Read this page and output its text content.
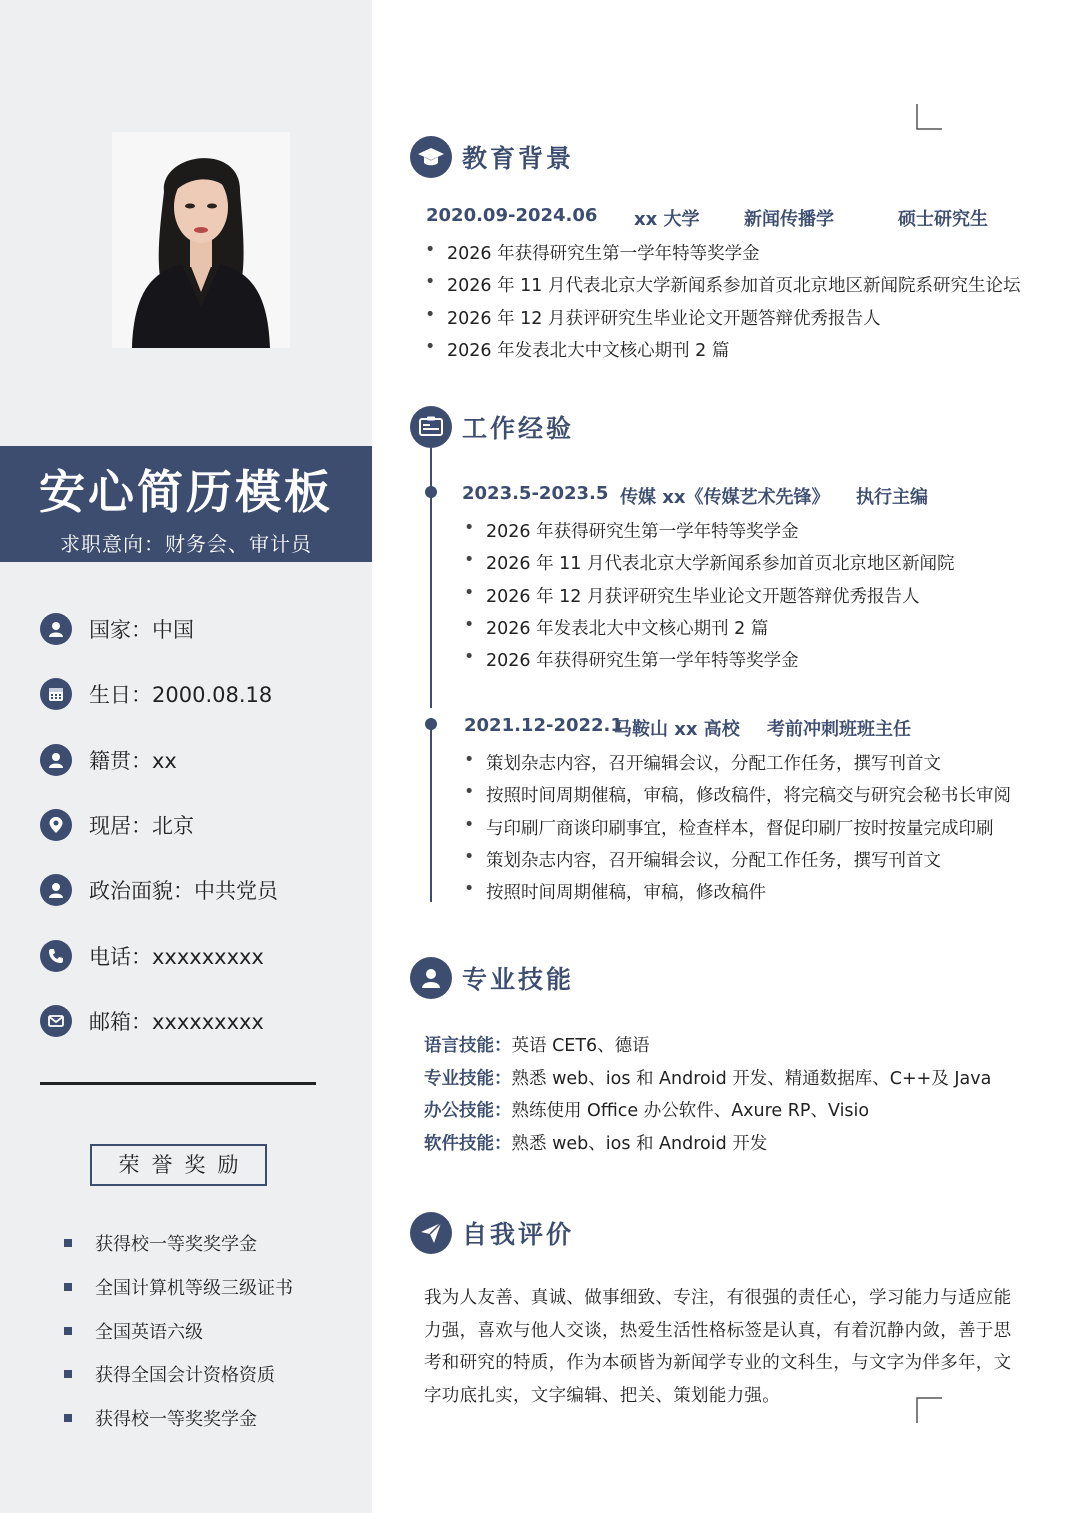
安心简历模板
求职意向：财务会、审计员
国家：中国
生日：2000.08.18
籍贯：xx
现居：北京
政治面貌：中共党员
电话：xxxxxxxxx
邮箱：xxxxxxxxx
荣誉奖励
获得校一等奖奖学金
全国计算机等级三级证书
全国英语六级
获得全国会计资格资质
获得校一等奖奖学金
教育背景
2020.09-2024.06 xx 大学 新闻传播学	硕士研究生
• 2026 年获得研究生第一学年特等奖学金
• 2026 年 11 月代表北京大学新闻系参加首页北京地区新闻院系研究生论坛
• 2026 年 12 月获评研究生毕业论文开题答辩优秀报告人
• 2026 年发表北大中文核心期刊 2 篇
工作经验
2023.5-2023.5 传媒 xx《传媒艺术先锋》 执行主编
• 2026 年获得研究生第一学年特等奖学金
• 2026 年 11 月代表北京大学新闻系参加首页北京地区新闻院
• 2026 年 12 月获评研究生毕业论文开题答辩优秀报告人
• 2026 年发表北大中文核心期刊 2 篇
• 2026 年获得研究生第一学年特等奖学金
2021.12-2022.1
马鞍山 xx 高校 考前冲刺班班主任
• 策划杂志内容，召开编辑会议，分配工作任务，撰写刊首文
• 按照时间周期催稿，审稿，修改稿件，将完稿交与研究会秘书长审阅
• 与印刷厂商谈印刷事宜，检查样本，督促印刷厂按时按量完成印刷
• 策划杂志内容，召开编辑会议，分配工作任务，撰写刊首文
• 按照时间周期催稿，审稿，修改稿件
专业技能
语言技能：英语 CET6、德语
专业技能：熟悉 web、ios 和 Android 开发、精通数据库、C++及 Java
办公技能：熟练使用 Office 办公软件、Axure RP、Visio
软件技能：熟悉 web、ios 和 Android 开发
自我评价
我为人友善、真诚、做事细致、专注，有很强的责任心，学习能力与适应能力强，喜欢与他人交谈，热爱生活性格标签是认真，有着沉静内敛，善于思考和研究的特质，作为本硕皆为新闻学专业的文科生，与文字为伴多年，文字功底扎实，文字编辑、把关、策划能力强。
